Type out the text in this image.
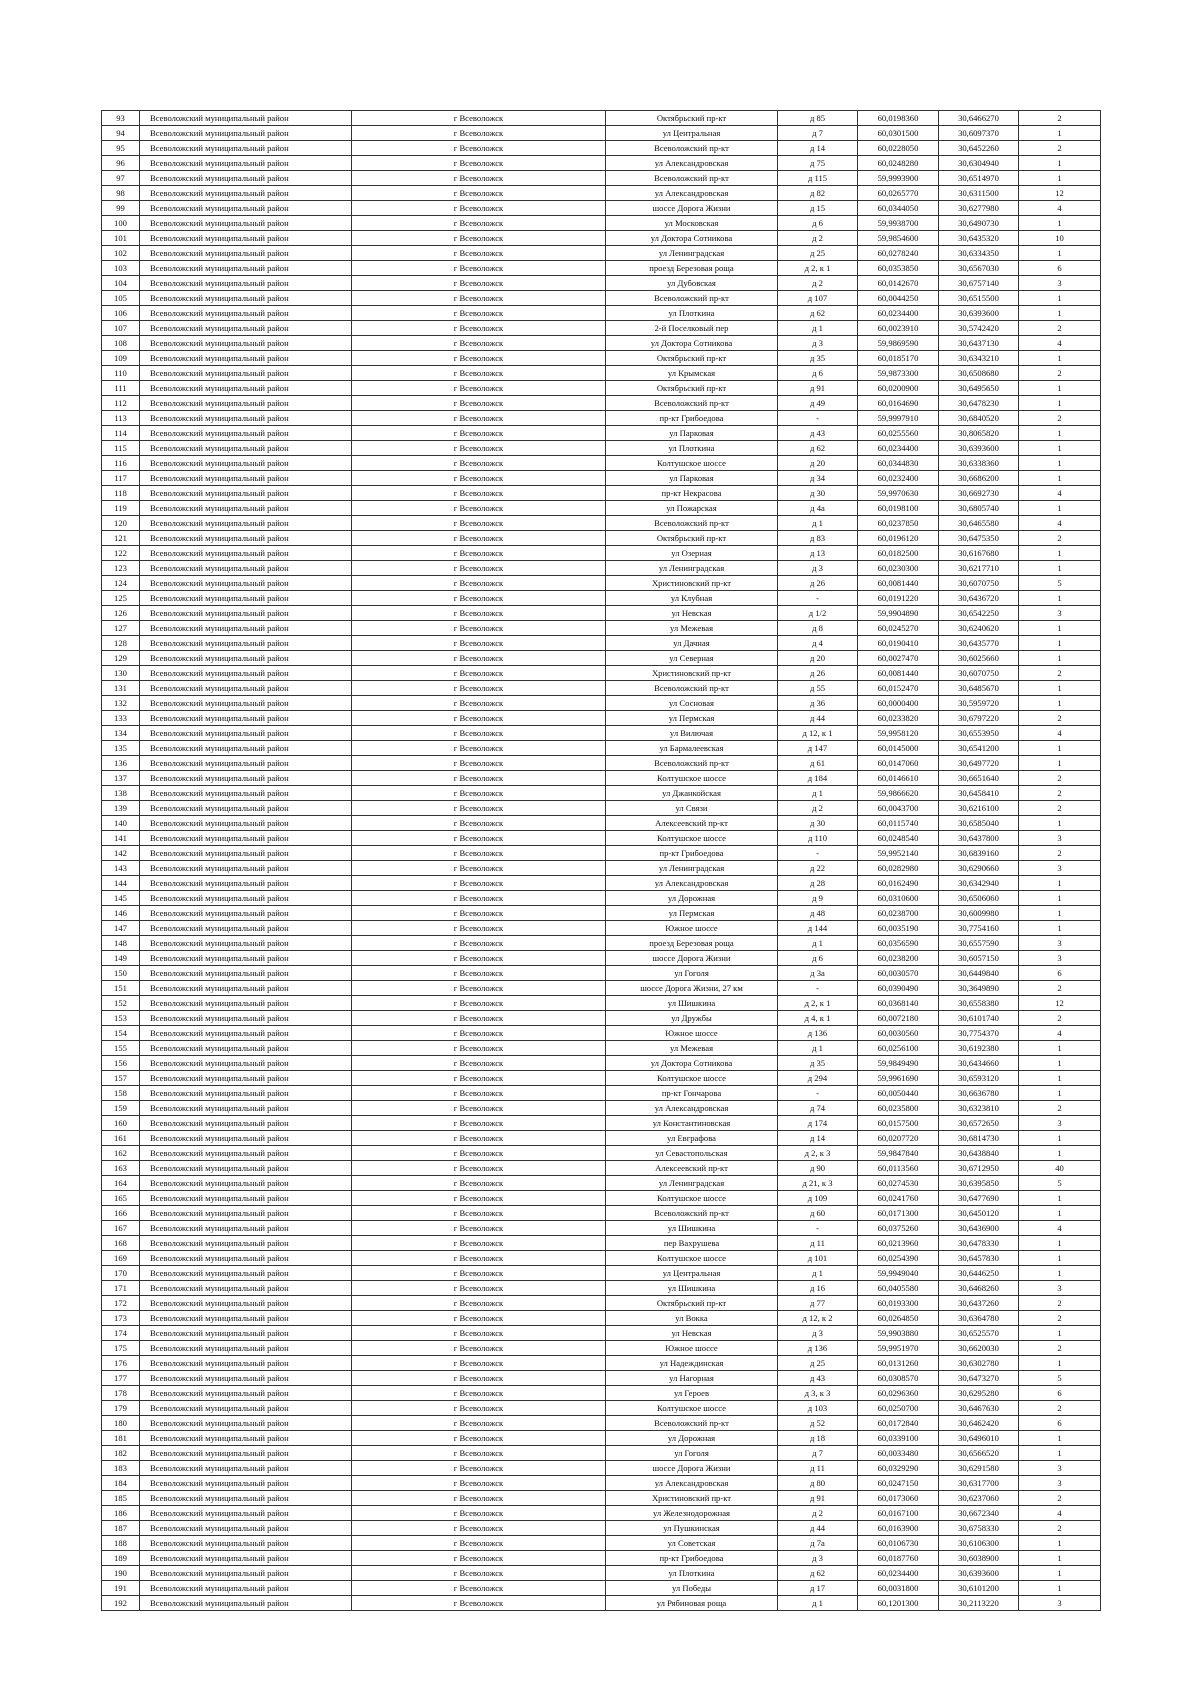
93	Всеволожский муниципальный район	г Всеволожск	Октябрьский пр-кт	д 85	60,0198360	30,6466270	2
94	Всеволожский муниципальный район	г Всеволожск	ул Центральная	д 7	60,0301500	30,6097370	1
95	Всеволожский муниципальный район	г Всеволожск	Всеволожский пр-кт	д 14	60,0228050	30,6452260	2
96	Всеволожский муниципальный район	г Всеволожск	ул Александровская	д 75	60,0248280	30,6304940	1
97	Всеволожский муниципальный район	г Всеволожск	Всеволожский пр-кт	д 115	59,9993900	30,6514970	1
98	Всеволожский муниципальный район	г Всеволожск	ул Александровская	д 82	60,0265770	30,6311500	12
99	Всеволожский муниципальный район	г Всеволожск	шоссе Дорога Жизни	д 15	60,0344050	30,6277980	4
100	Всеволожский муниципальный район	г Всеволожск	ул Московская	д 6	59,9938700	30,6490730	1
101	Всеволожский муниципальный район	г Всеволожск	ул Доктора Сотникова	д 2	59,9854600	30,6435320	10
102	Всеволожский муниципальный район	г Всеволожск	ул Ленинградская	д 25	60,0278240	30,6334350	1
103	Всеволожский муниципальный район	г Всеволожск	проезд Березовая роща	д 2, к 1	60,0353850	30,6567030	6
104	Всеволожский муниципальный район	г Всеволожск	ул Дубовская	д 2	60,0142670	30,6757140	3
105	Всеволожский муниципальный район	г Всеволожск	Всеволожский пр-кт	д 107	60,0044250	30,6515500	1
106	Всеволожский муниципальный район	г Всеволожск	ул Плоткина	д 62	60,0234400	30,6393600	1
107	Всеволожский муниципальный район	г Всеволожск	2-й Поселковый пер	д 1	60,0023910	30,5742420	2
108	Всеволожский муниципальный район	г Всеволожск	ул Доктора Сотникова	д 3	59,9869590	30,6437130	4
109	Всеволожский муниципальный район	г Всеволожск	Октябрьский пр-кт	д 35	60,0185170	30,6343210	1
110	Всеволожский муниципальный район	г Всеволожск	ул Крымская	д 6	59,9873300	30,6508680	2
111	Всеволожский муниципальный район	г Всеволожск	Октябрьский пр-кт	д 91	60,0200900	30,6495650	1
112	Всеволожский муниципальный район	г Всеволожск	Всеволожский пр-кт	д 49	60,0164690	30,6478230	1
113	Всеволожский муниципальный район	г Всеволожск	пр-кт Грибоедова	-	59,9997910	30,6840520	2
114	Всеволожский муниципальный район	г Всеволожск	ул Парковая	д 43	60,0255560	30,8065820	1
115	Всеволожский муниципальный район	г Всеволожск	ул Плоткина	д 62	60,0234400	30,6393600	1
116	Всеволожский муниципальный район	г Всеволожск	Колтушское шоссе	д 20	60,0344830	30,6338360	1
117	Всеволожский муниципальный район	г Всеволожск	ул Парковая	д 34	60,0232400	30,6686200	1
118	Всеволожский муниципальный район	г Всеволожск	пр-кт Некрасова	д 30	59,9970630	30,6692730	4
119	Всеволожский муниципальный район	г Всеволожск	ул Пожарская	д 4а	60,0198100	30,6805740	1
120	Всеволожский муниципальный район	г Всеволожск	Всеволожский пр-кт	д 1	60,0237850	30,6465580	4
121	Всеволожский муниципальный район	г Всеволожск	Октябрьский пр-кт	д 83	60,0196120	30,6475350	2
122	Всеволожский муниципальный район	г Всеволожск	ул Озерная	д 13	60,0182500	30,6167680	1
123	Всеволожский муниципальный район	г Всеволожск	ул Ленинградская	д 3	60,0230300	30,6217710	1
124	Всеволожский муниципальный район	г Всеволожск	Христиновский пр-кт	д 26	60,0081440	30,6070750	5
125	Всеволожский муниципальный район	г Всеволожск	ул Клубная	-	60,0191220	30,6436720	1
126	Всеволожский муниципальный район	г Всеволожск	ул Невская	д 1/2	59,9904890	30,6542250	3
127	Всеволожский муниципальный район	г Всеволожск	ул Межевая	д 8	60,0245270	30,6240620	1
128	Всеволожский муниципальный район	г Всеволожск	ул Дачная	д 4	60,0190410	30,6435770	1
129	Всеволожский муниципальный район	г Всеволожск	ул Северная	д 20	60,0027470	30,6025660	1
130	Всеволожский муниципальный район	г Всеволожск	Христиновский пр-кт	д 26	60,0081440	30,6070750	2
131	Всеволожский муниципальный район	г Всеволожск	Всеволожский пр-кт	д 55	60,0152470	30,6485670	1
132	Всеволожский муниципальный район	г Всеволожск	ул Сосновая	д 36	60,0000400	30,5959720	1
133	Всеволожский муниципальный район	г Всеволожск	ул Пермская	д 44	60,0233820	30,6797220	2
134	Всеволожский муниципальный район	г Всеволожск	ул Вилючая	д 12, к 1	59,9958120	30,6553950	4
135	Всеволожский муниципальный район	г Всеволожск	ул Бармалеевская	д 147	60,0145000	30,6541200	1
136	Всеволожский муниципальный район	г Всеволожск	Всеволожский пр-кт	д 61	60,0147060	30,6497720	1
137	Всеволожский муниципальный район	г Всеволожск	Колтушское шоссе	д 184	60,0146610	30,6651640	2
138	Всеволожский муниципальный район	г Всеволожск	ул Джанкойская	д 1	59,9866620	30,6458410	2
139	Всеволожский муниципальный район	г Всеволожск	ул Связи	д 2	60,0043700	30,6216100	2
140	Всеволожский муниципальный район	г Всеволожск	Алексеевский пр-кт	д 30	60,0115740	30,6585040	1
141	Всеволожский муниципальный район	г Всеволожск	Колтушское шоссе	д 110	60,0248540	30,6437800	3
142	Всеволожский муниципальный район	г Всеволожск	пр-кт Грибоедова	-	59,9952140	30,6839160	2
143	Всеволожский муниципальный район	г Всеволожск	ул Ленинградская	д 22	60,0282980	30,6290660	3
144	Всеволожский муниципальный район	г Всеволожск	ул Александровская	д 28	60,0162490	30,6342940	1
145	Всеволожский муниципальный район	г Всеволожск	ул Дорожная	д 9	60,0310600	30,6506060	1
146	Всеволожский муниципальный район	г Всеволожск	ул Пермская	д 48	60,0238700	30,6009980	1
147	Всеволожский муниципальный район	г Всеволожск	Южное шоссе	д 144	60,0035190	30,7754160	1
148	Всеволожский муниципальный район	г Всеволожск	проезд Березовая роща	д 1	60,0356590	30,6557590	3
149	Всеволожский муниципальный район	г Всеволожск	шоссе Дорога Жизни	д 6	60,0238200	30,6057150	3
150	Всеволожский муниципальный район	г Всеволожск	ул Гоголя	д 3а	60,0030570	30,6449840	6
151	Всеволожский муниципальный район	г Всеволожск	шоссе Дорога Жизни, 27 км	-	60,0390490	30,3649890	2
152	Всеволожский муниципальный район	г Всеволожск	ул Шишкина	д 2, к 1	60,0368140	30,6558380	12
153	Всеволожский муниципальный район	г Всеволожск	ул Дружбы	д 4, к 1	60,0072180	30,6101740	2
154	Всеволожский муниципальный район	г Всеволожск	Южное шоссе	д 136	60,0030560	30,7754370	4
155	Всеволожский муниципальный район	г Всеволожск	ул Межевая	д 1	60,0256100	30,6192380	1
156	Всеволожский муниципальный район	г Всеволожск	ул Доктора Сотникова	д 35	59,9849490	30,6434660	1
157	Всеволожский муниципальный район	г Всеволожск	Колтушское шоссе	д 294	59,9961690	30,6593120	1
158	Всеволожский муниципальный район	г Всеволожск	пр-кт Гончарова	-	60,0050440	30,6636780	1
159	Всеволожский муниципальный район	г Всеволожск	ул Александровская	д 74	60,0235800	30,6323810	2
160	Всеволожский муниципальный район	г Всеволожск	ул Константиновская	д 174	60,0157500	30,6572650	3
161	Всеволожский муниципальный район	г Всеволожск	ул Евграфова	д 14	60,0207720	30,6814730	1
162	Всеволожский муниципальный район	г Всеволожск	ул Севастопольская	д 2, к 3	59,9847840	30,6438840	1
163	Всеволожский муниципальный район	г Всеволожск	Алексеевский пр-кт	д 90	60,0113560	30,6712950	40
164	Всеволожский муниципальный район	г Всеволожск	ул Ленинградская	д 21, к 3	60,0274530	30,6395850	5
165	Всеволожский муниципальный район	г Всеволожск	Колтушское шоссе	д 109	60,0241760	30,6477690	1
166	Всеволожский муниципальный район	г Всеволожск	Всеволожский пр-кт	д 60	60,0171300	30,6450120	1
167	Всеволожский муниципальный район	г Всеволожск	ул Шишкина	-	60,0375260	30,6436900	4
168	Всеволожский муниципальный район	г Всеволожск	пер Вахрушева	д 11	60,0213960	30,6478330	1
169	Всеволожский муниципальный район	г Всеволожск	Колтушское шоссе	д 101	60,0254390	30,6457830	1
170	Всеволожский муниципальный район	г Всеволожск	ул Центральная	д 1	59,9949040	30,6446250	1
171	Всеволожский муниципальный район	г Всеволожск	ул Шишкина	д 16	60,0405580	30,6468260	3
172	Всеволожский муниципальный район	г Всеволожск	Октябрьский пр-кт	д 77	60,0193300	30,6437260	2
173	Всеволожский муниципальный район	г Всеволожск	ул Вокка	д 12, к 2	60,0264850	30,6364780	2
174	Всеволожский муниципальный район	г Всеволожск	ул Невская	д 3	59,9903880	30,6525570	1
175	Всеволожский муниципальный район	г Всеволожск	Южное шоссе	д 136	59,9951970	30,6620030	2
176	Всеволожский муниципальный район	г Всеволожск	ул Надеждинская	д 25	60,0131260	30,6302780	1
177	Всеволожский муниципальный район	г Всеволожск	ул Нагорная	д 43	60,0308570	30,6473270	5
178	Всеволожский муниципальный район	г Всеволожск	ул Героев	д 3, к 3	60,0296360	30,6295280	6
179	Всеволожский муниципальный район	г Всеволожск	Колтушское шоссе	д 103	60,0250700	30,6467630	2
180	Всеволожский муниципальный район	г Всеволожск	Всеволожский пр-кт	д 52	60,0172840	30,6462420	6
181	Всеволожский муниципальный район	г Всеволожск	ул Дорожная	д 18	60,0339100	30,6496010	1
182	Всеволожский муниципальный район	г Всеволожск	ул Гоголя	д 7	60,0033480	30,6566520	1
183	Всеволожский муниципальный район	г Всеволожск	шоссе Дорога Жизни	д 11	60,0329290	30,6291580	3
184	Всеволожский муниципальный район	г Всеволожск	ул Александровская	д 80	60,0247150	30,6317700	3
185	Всеволожский муниципальный район	г Всеволожск	Христиновский пр-кт	д 91	60,0173060	30,6237060	2
186	Всеволожский муниципальный район	г Всеволожск	ул Железнодорожная	д 2	60,0167100	30,6672340	4
187	Всеволожский муниципальный район	г Всеволожск	ул Пушкинская	д 44	60,0163900	30,6758330	2
188	Всеволожский муниципальный район	г Всеволожск	ул Советская	д 7а	60,0106730	30,6106300	1
189	Всеволожский муниципальный район	г Всеволожск	пр-кт Грибоедова	д 3	60,0187760	30,6038900	1
190	Всеволожский муниципальный район	г Всеволожск	ул Плоткина	д 62	60,0234400	30,6393600	1
191	Всеволожский муниципальный район	г Всеволожск	ул Победы	д 17	60,0031800	30,6101200	1
192	Всеволожский муниципальный район	г Всеволожск	ул Рябиновая роща	д 1	60,1201300	30,2113220	3
